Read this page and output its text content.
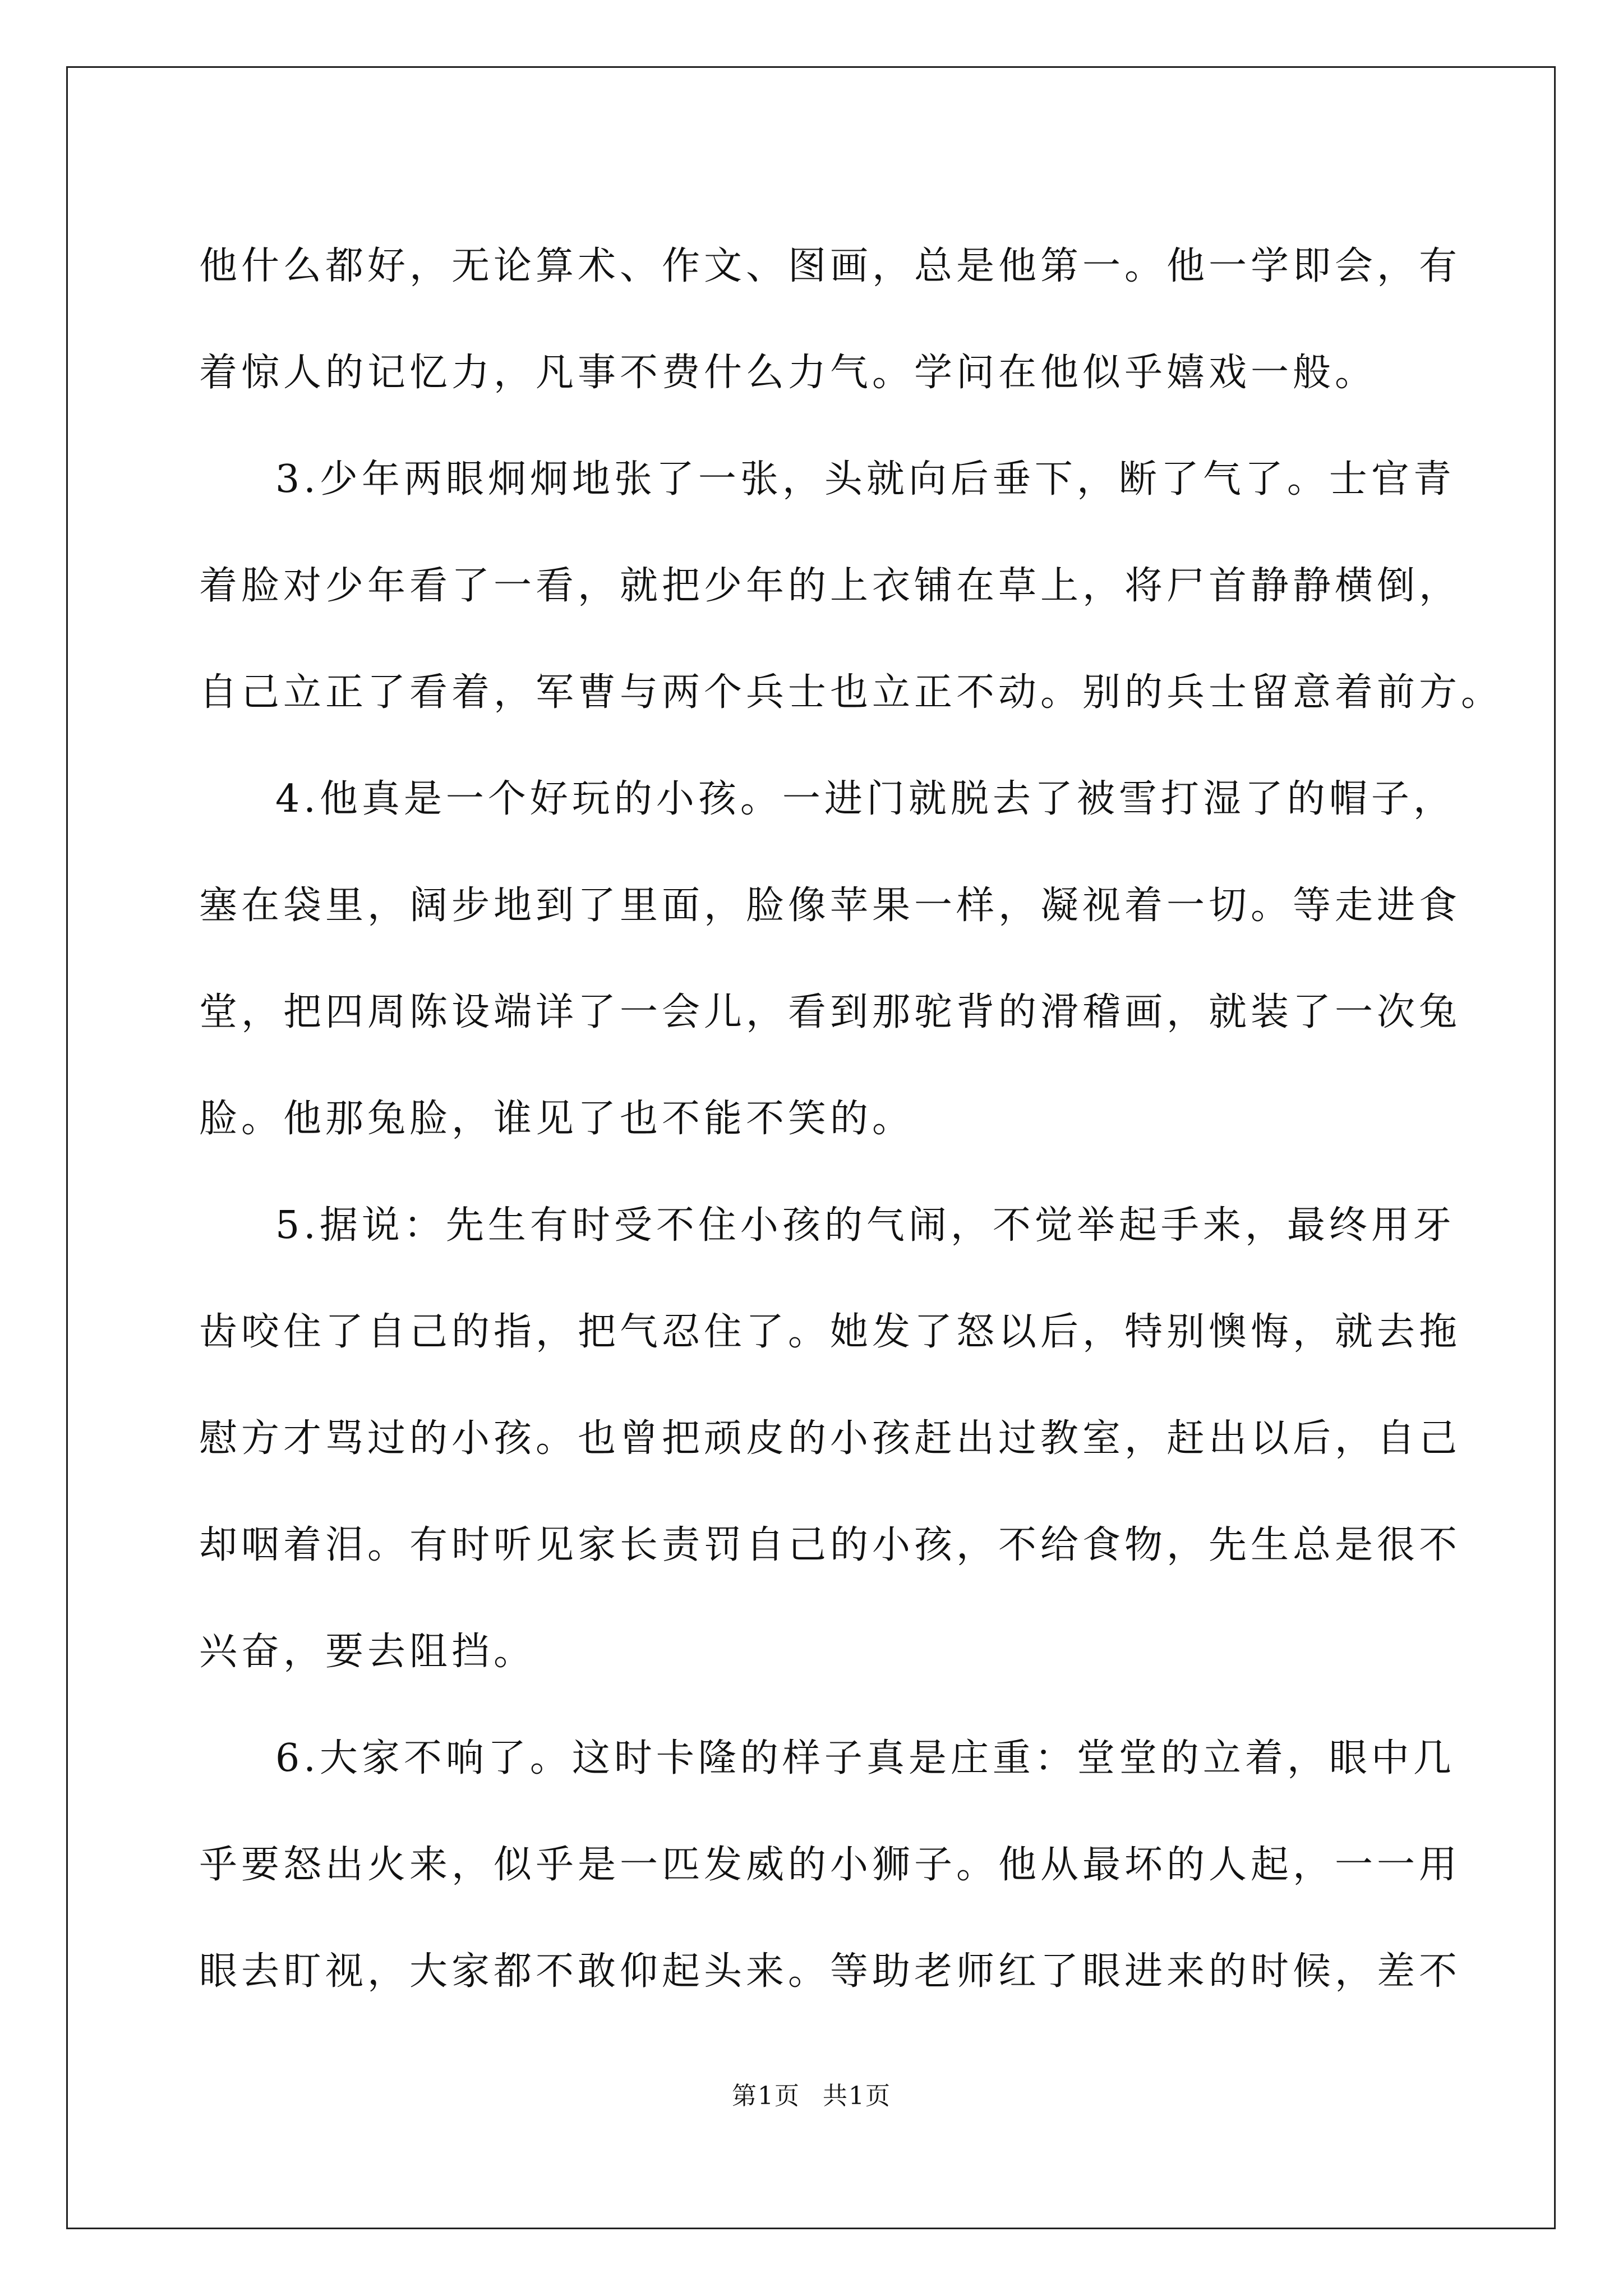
他什么都好，无论算术、作文、图画，总是他第一。他一学即会，有
着惊人的记忆力，凡事不费什么力气。学问在他似乎嬉戏一般。
3.少年两眼炯炯地张了一张，头就向后垂下，断了气了。士官青
着脸对少年看了一看，就把少年的上衣铺在草上，将尸首静静横倒，
自己立正了看着，军曹与两个兵士也立正不动。别的兵士留意着前方。
4.他真是一个好玩的小孩。一进门就脱去了被雪打湿了的帽子，
塞在袋里，阔步地到了里面，脸像苹果一样，凝视着一切。等走进食
堂，把四周陈设端详了一会儿，看到那驼背的滑稽画，就装了一次兔
脸。他那兔脸，谁见了也不能不笑的。
5.据说：先生有时受不住小孩的气闹，不觉举起手来，最终用牙
齿咬住了自己的指，把气忍住了。她发了怒以后，特别懊悔，就去拖
慰方才骂过的小孩。也曾把顽皮的小孩赶出过教室，赶出以后，自己
却咽着泪。有时听见家长责罚自己的小孩，不给食物，先生总是很不
兴奋，要去阻挡。
6.大家不响了。这时卡隆的样子真是庄重：堂堂的立着，眼中几
乎要怒出火来，似乎是一匹发威的小狮子。他从最坏的人起，一一用
眼去盯视，大家都不敢仰起头来。等助老师红了眼进来的时候，差不
第1页 共1页
